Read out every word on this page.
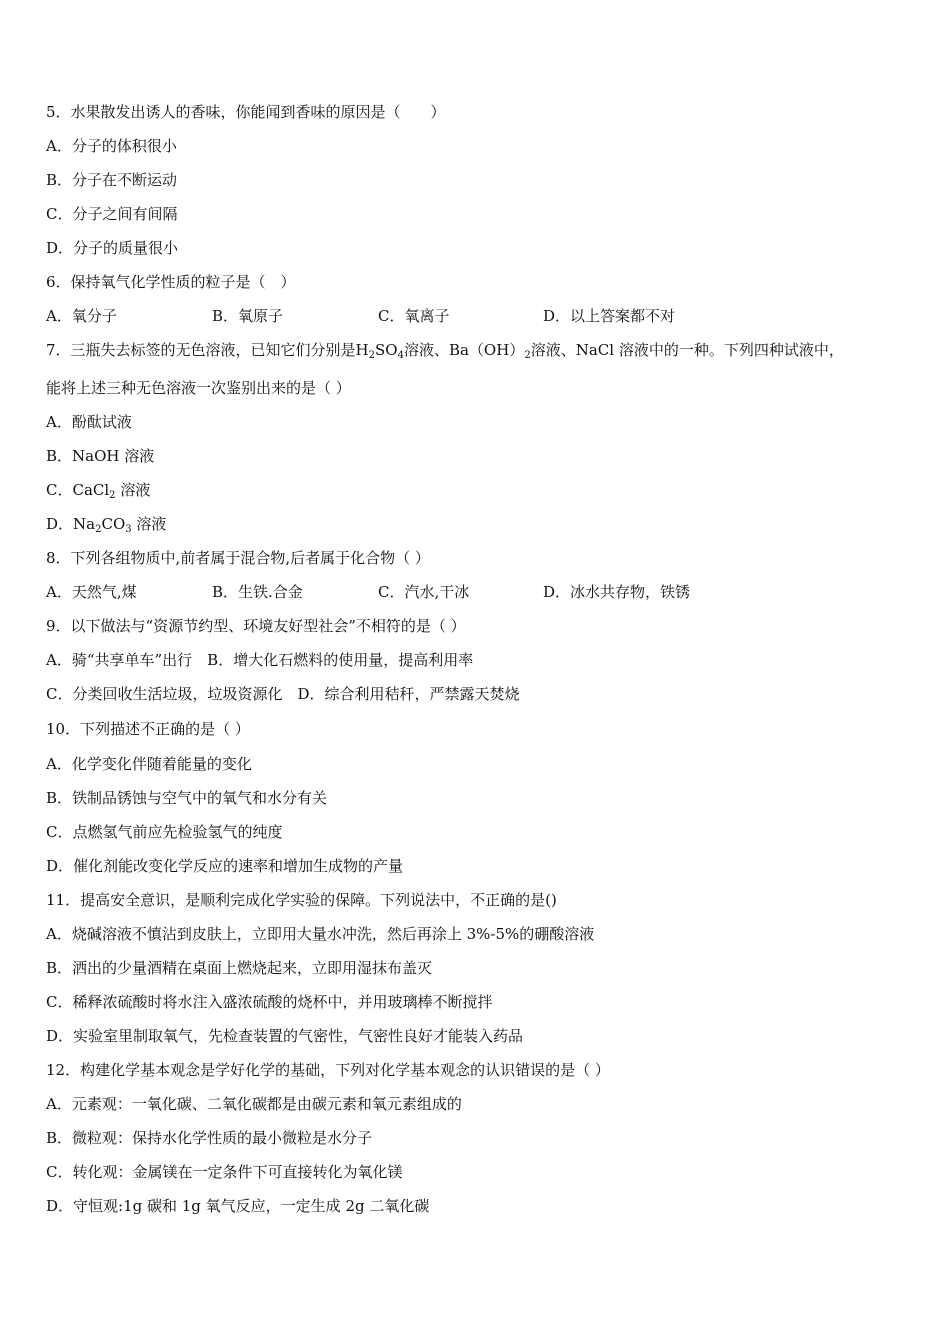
5．水果散发出诱人的香味，你能闻到香味的原因是（　　）
A．分子的体积很小
B．分子在不断运动
C．分子之间有间隔
D．分子的质量很小
6．保持氧气化学性质的粒子是（　）
A．氧分子	B．氧原子	C．氧离子	D．以上答案都不对
7．三瓶失去标签的无色溶液，已知它们分别是$H_2SO_4$溶液、$Ba(OH)_2$溶液、NaCl 溶液中的一种。下列四种试液中，
能将上述三种无色溶液一次鉴别出来的是（ ）
A．酚酞试液
B．NaOH 溶液
C．CaCl$_2$ 溶液
D．$Na_2CO_3$ 溶液
8．下列各组物质中,前者属于混合物,后者属于化合物（ ）
A．天然气,煤	B．生铁.合金	C．汽水,干冰	D．冰水共存物，铁锈
9．以下做法与“资源节约型、环境友好型社会”不相符的是（ ）
A．骑“共享单车”出行　B．增大化石燃料的使用量，提高利用率
C．分类回收生活垃圾，垃圾资源化　D．综合利用秸秆，严禁露天焚烧
10．下列描述不正确的是（ ）
A．化学变化伴随着能量的变化
B．铁制品锈蚀与空气中的氧气和水分有关
C．点燃氢气前应先检验氢气的纯度
D．催化剂能改变化学反应的速率和增加生成物的产量
11．提高安全意识，是顺利完成化学实验的保障。下列说法中，不正确的是()
A．烧碱溶液不慎沾到皮肤上，立即用大量水冲洗，然后再涂上 3%-5%的硼酸溶液
B．洒出的少量酒精在桌面上燃烧起来，立即用湿抹布盖灭
C．稀释浓硫酸时将水注入盛浓硫酸的烧杯中，并用玻璃棒不断搅拌
D．实验室里制取氧气，先检查装置的气密性，气密性良好才能装入药品
12．构建化学基本观念是学好化学的基础，下列对化学基本观念的认识错误的是（ ）
A．元素观：一氧化碳、二氧化碳都是由碳元素和氧元素组成的
B．微粒观：保持水化学性质的最小微粒是水分子
C．转化观：金属镁在一定条件下可直接转化为氧化镁
D．守恒观:1g 碳和 1g 氧气反应，一定生成 2g 二氧化碳
